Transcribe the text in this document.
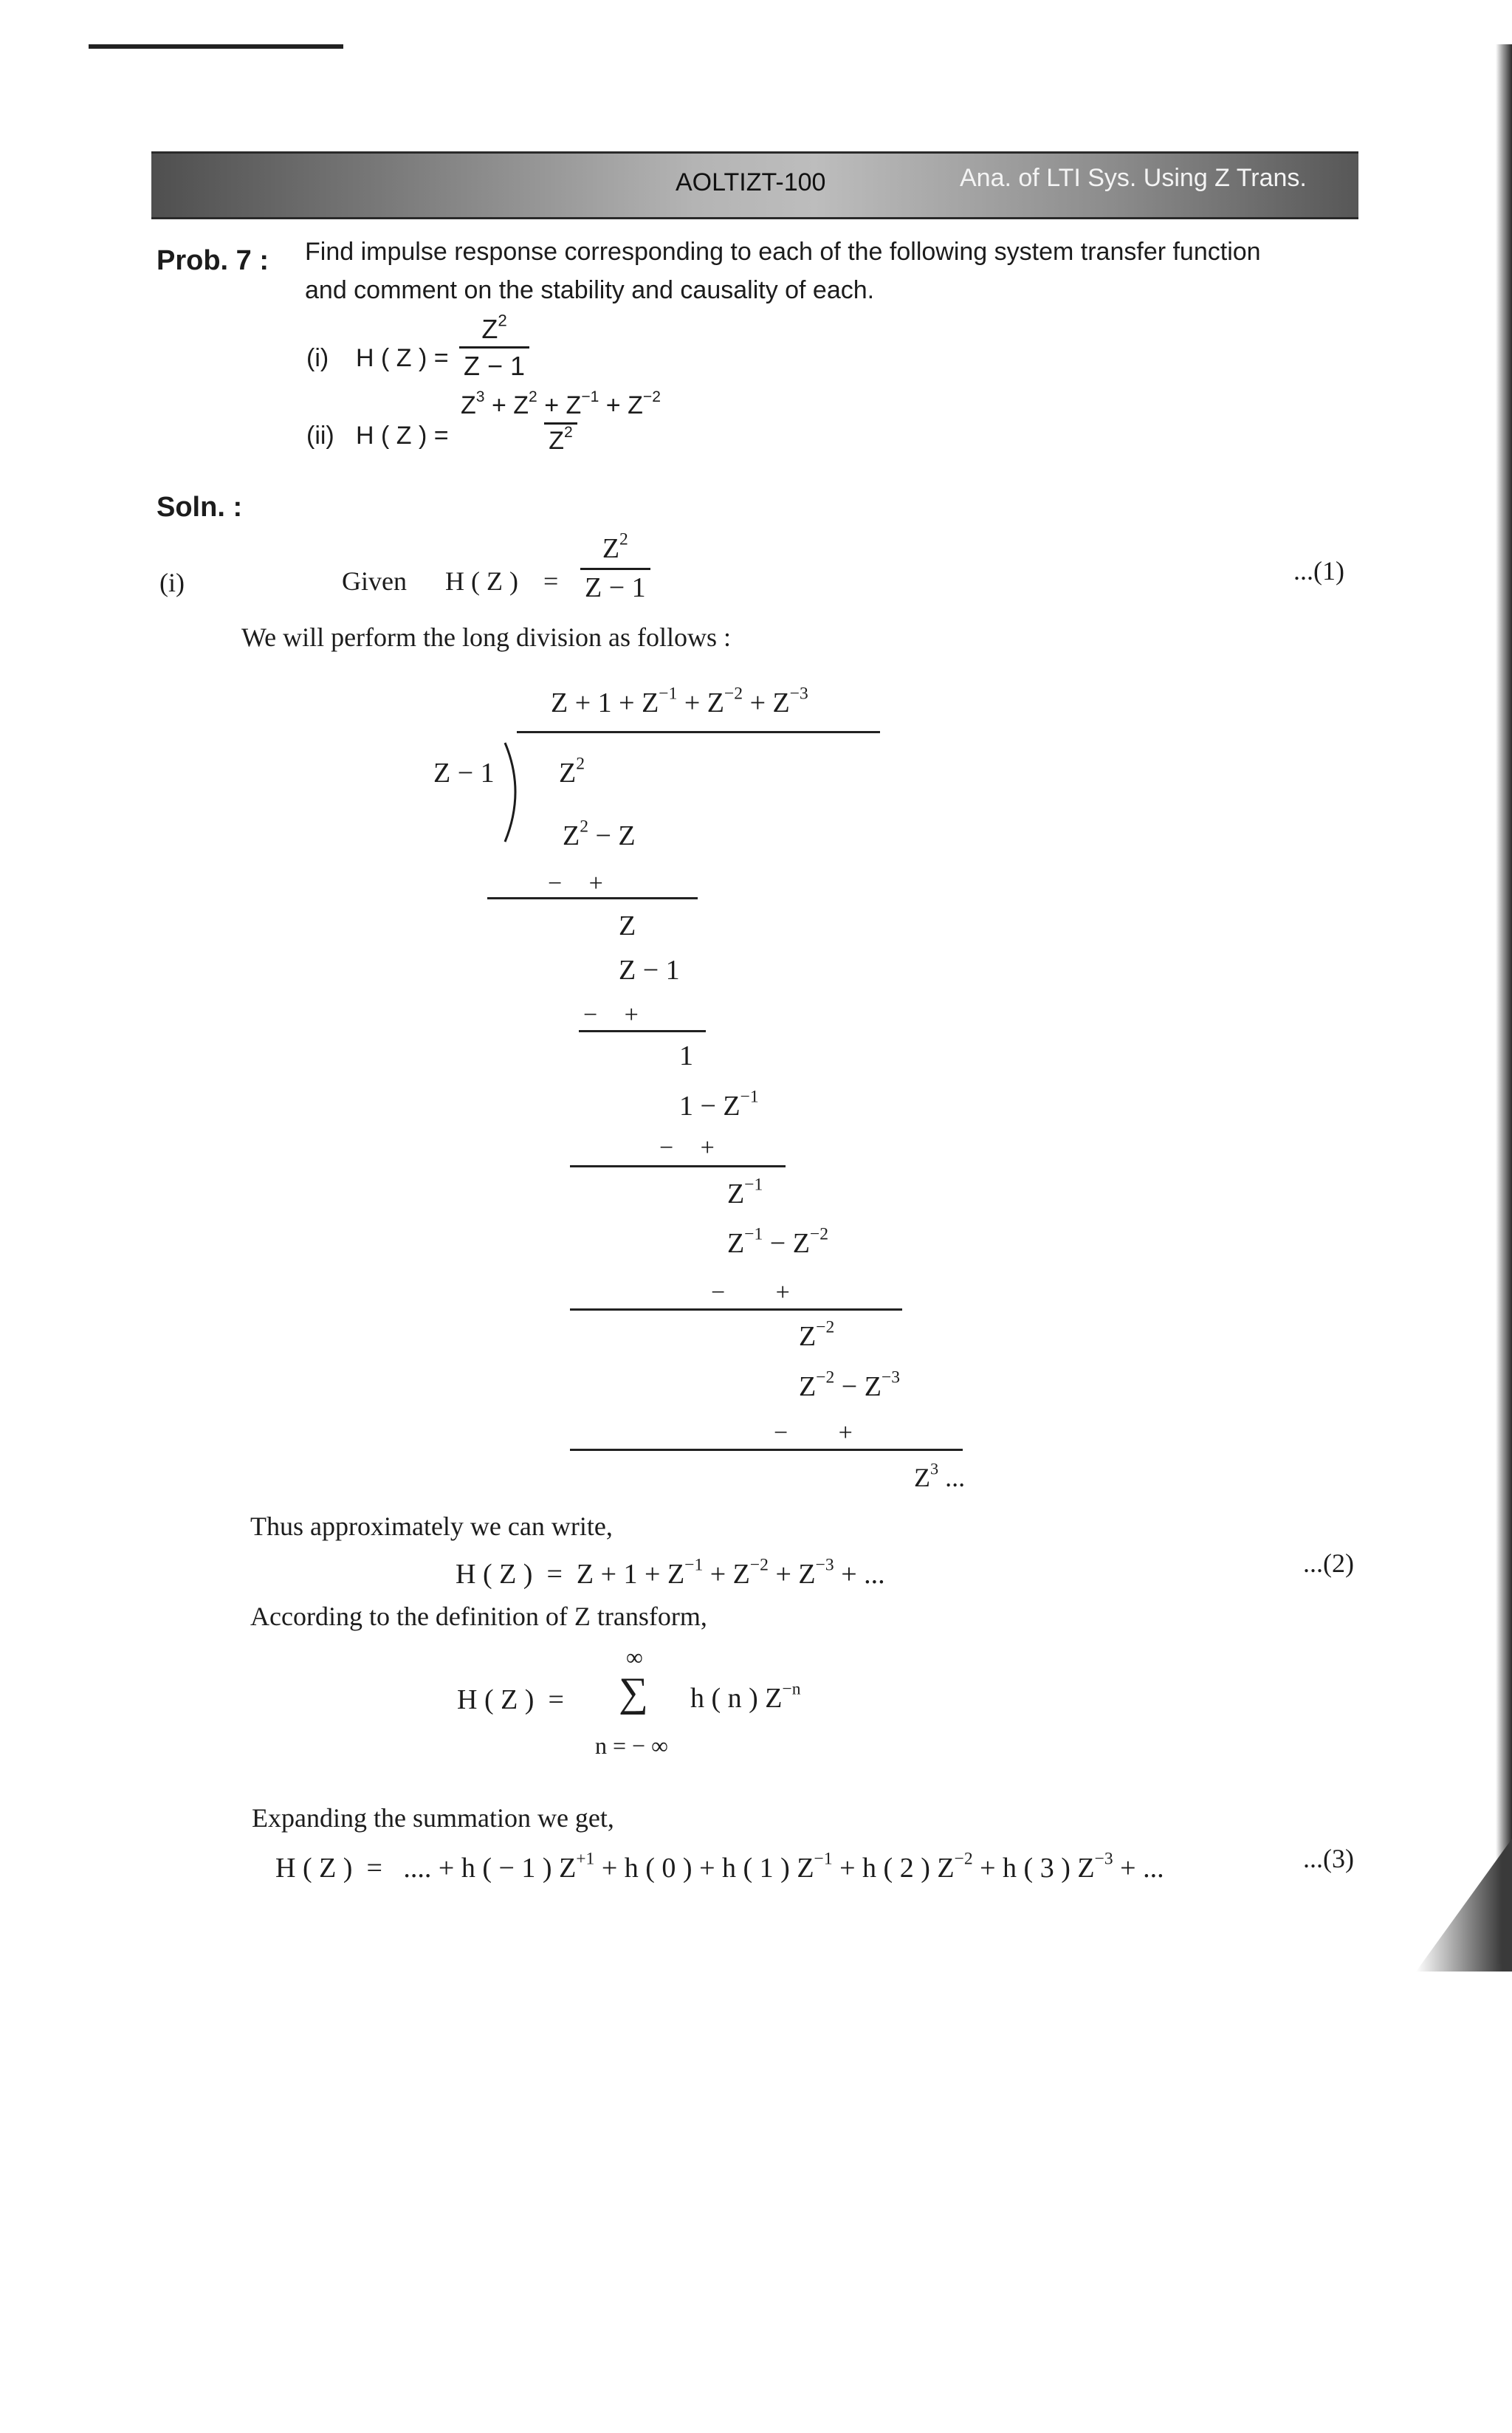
AOLTIZT-100	Ana. of LTI Sys. Using Z Trans.
Prob. 7 : Find impulse response corresponding to each of the following system transfer function
and comment on the stability and causality of each.
(i) H ( Z ) = $\frac{Z^2}{Z - 1}$
(ii) H ( Z ) = $\frac{Z^3 + Z^2 + Z^{-1} + Z^{-2}}{Z^2}$
Soln. :
(i)	Given H ( Z ) = $\frac{Z^2}{Z - 1}$	...(1)
We will perform the long division as follows :
$Z + 1 + Z^{-1} + Z^{-2} + Z^{-3}$
Z − 1 $Z^2$
$Z^2 - Z$
− +
Z
Z − 1
− +
1
$1 - Z^{-1}$
− +
$Z^{-1}$
$Z^{-1} - Z^{-2}$
− +
$Z^{-2}$
$Z^{-2} - Z^{-3}$
− +
$Z^3$ ...
Thus approximately we can write,
H ( Z )  =  $Z + 1 + Z^{-1} + Z^{-2} + Z^{-3}$ + ...	...(2)
According to the definition of Z transform,
H ( Z )  =
∞
∑
n = − ∞
h ( n ) $Z^{-n}$
Expanding the summation we get,
H ( Z )  =   .... + h ( − 1 ) $Z^{+1} + h$ ( 0 ) + h ( 1 ) $Z^{-1} + h$ ( 2 ) $Z^{-2} + h$ ( 3 ) $Z^{-3}$ + ...	...(3)
